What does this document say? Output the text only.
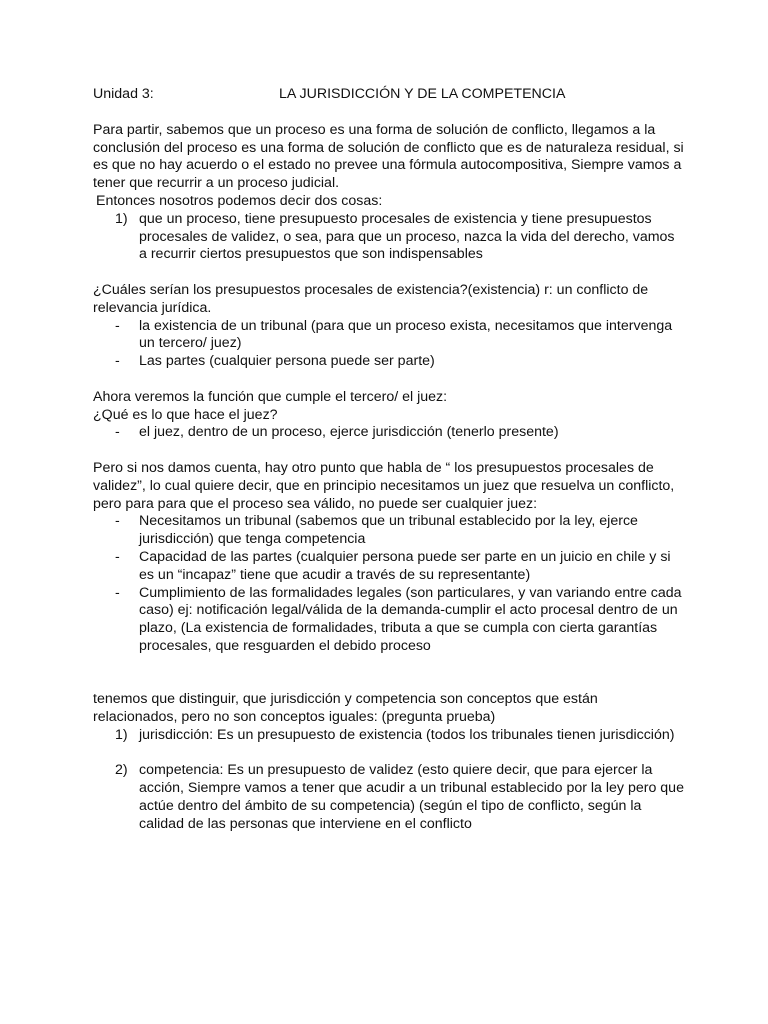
Unidad 3:	LA JURISDICCIÓN Y DE LA COMPETENCIA

Para partir, sabemos que un proceso es una forma de solución de conflicto, llegamos a la conclusión del proceso es una forma de solución de conflicto que es de naturaleza residual, si es que no hay acuerdo o el estado no prevee una fórmula autocompositiva, Siempre vamos a tener que recurrir a un proceso judicial.

Entonces nosotros podemos decir dos cosas:

1) que un proceso, tiene presupuesto procesales de existencia y tiene presupuestos procesales de validez, o sea, para que un proceso, nazca la vida del derecho, vamos a recurrir ciertos presupuestos que son indispensables

¿Cuáles serían los presupuestos procesales de existencia?(existencia) r: un conflicto de relevancia jurídica.

- la existencia de un tribunal (para que un proceso exista, necesitamos que intervenga un tercero/ juez)
- Las partes (cualquier persona puede ser parte)

Ahora veremos la función que cumple el tercero/ el juez:

¿Qué es lo que hace el juez?

- el juez, dentro de un proceso, ejerce jurisdicción (tenerlo presente)

Pero si nos damos cuenta, hay otro punto que habla de “ los presupuestos procesales de validez”, lo cual quiere decir, que en principio necesitamos un juez que resuelva un conflicto, pero para para que el proceso sea válido, no puede ser cualquier juez:

- Necesitamos un tribunal (sabemos que un tribunal establecido por la ley, ejerce jurisdicción) que tenga competencia
- Capacidad de las partes (cualquier persona puede ser parte en un juicio en chile y si es un “incapaz” tiene que acudir a través de su representante)
- Cumplimiento de las formalidades legales (son particulares, y van variando entre cada caso) ej: notificación legal/válida de la demanda-cumplir el acto procesal dentro de un plazo, (La existencia de formalidades, tributa a que se cumpla con cierta garantías procesales, que resguarden el debido proceso

tenemos que distinguir, que jurisdicción y competencia son conceptos que están relacionados, pero no son conceptos iguales: (pregunta prueba)

1) jurisdicción: Es un presupuesto de existencia (todos los tribunales tienen jurisdicción)
2) competencia: Es un presupuesto de validez (esto quiere decir, que para ejercer la acción, Siempre vamos a tener que acudir a un tribunal establecido por la ley pero que actúe dentro del ámbito de su competencia) (según el tipo de conflicto, según la calidad de las personas que interviene en el conflicto
